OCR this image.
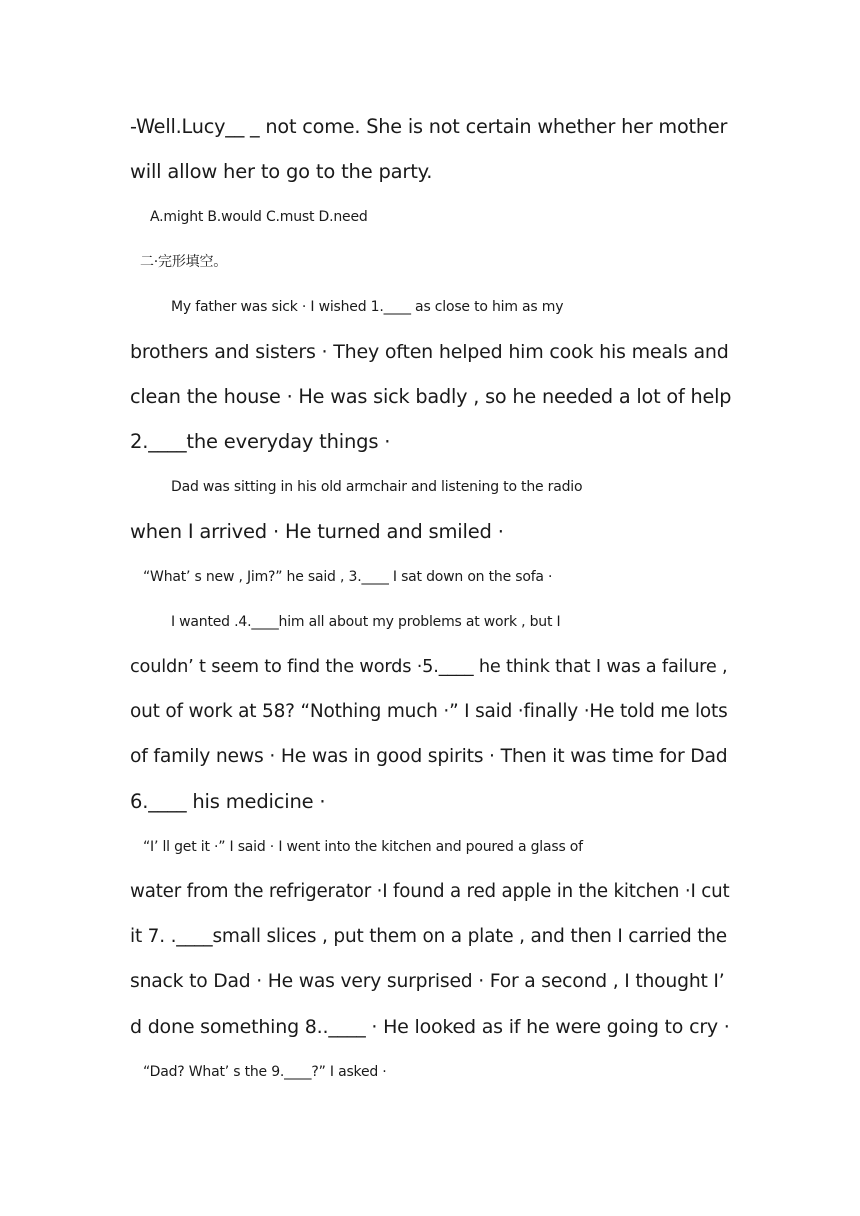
-Well.Lucy__ _ not come. She is not certain whether her mother
will allow her to go to the party.
A.might B.would C.must D.need
二·完形填空。
My father was sick · I wished 1.____ as close to him as my
brothers and sisters · They often helped him cook his meals and
clean the house · He was sick badly , so he needed a lot of help
2.____the everyday things ·
Dad was sitting in his old armchair and listening to the radio
when I arrived · He turned and smiled ·
“What’ s new , Jim?” he said , 3.____ I sat down on the sofa ·
I wanted .4.____him all about my problems at work , but I
couldn’ t seem to find the words ·5.____ he think that I was a failure ,
out of work at 58? “Nothing much ·” I said ·finally ·He told me lots
of family news · He was in good spirits · Then it was time for Dad
6.____ his medicine ·
“I’ ll get it ·” I said · I went into the kitchen and poured a glass of
water from the refrigerator ·I found a red apple in the kitchen ·I cut
it 7. .____small slices , put them on a plate , and then I carried the
snack to Dad · He was very surprised · For a second , I thought I’
d done something 8..____ · He looked as if he were going to cry ·
“Dad? What’ s the 9.____?” I asked ·
